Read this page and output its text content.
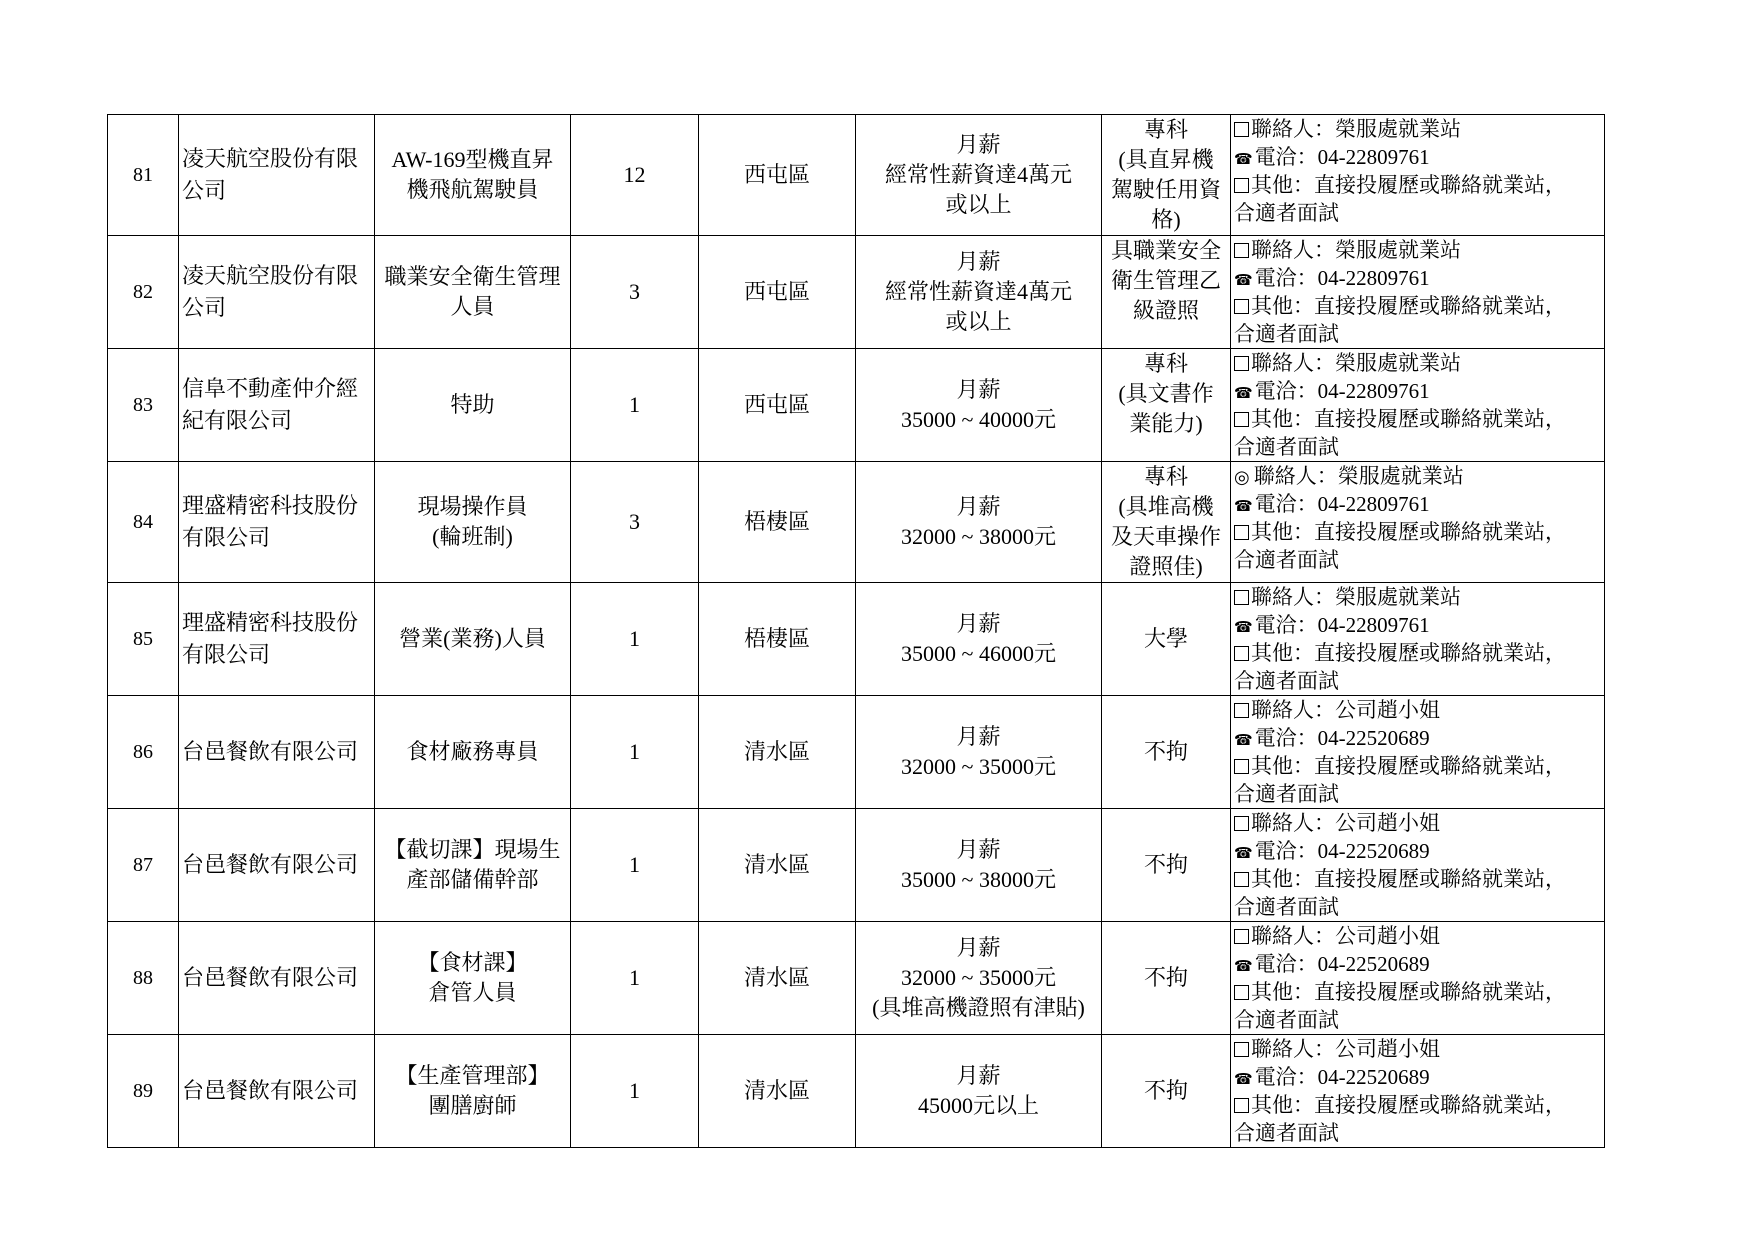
81	凌天航空股份有限公司	AW-169型機直昇
機飛航駕駛員	12	西屯區	月薪
經常性薪資達4萬元
或以上	專科
(具直昇機
駕駛任用資
格)	聯絡人：榮服處就業站
☎電洽：04-22809761
其他：直接投履歷或聯絡就業站，
合適者面試

82	凌天航空股份有限公司	職業安全衛生管理
人員	3	西屯區	月薪
經常性薪資達4萬元
或以上	具職業安全
衛生管理乙
級證照	聯絡人：榮服處就業站
☎電洽：04-22809761
其他：直接投履歷或聯絡就業站，
合適者面試

83	信阜不動產仲介經紀有限公司	特助	1	西屯區	月薪
35000 ~ 40000元	專科
(具文書作
業能力)	聯絡人：榮服處就業站
☎電洽：04-22809761
其他：直接投履歷或聯絡就業站，
合適者面試

84	理盛精密科技股份有限公司	現場操作員
(輪班制)	3	梧棲區	月薪
32000 ~ 38000元	專科
(具堆高機
及天車操作
證照佳)	◎ 聯絡人：榮服處就業站
☎電洽：04-22809761
其他：直接投履歷或聯絡就業站，
合適者面試

85	理盛精密科技股份有限公司	營業(業務)人員	1	梧棲區	月薪
35000 ~ 46000元	大學	聯絡人：榮服處就業站
☎電洽：04-22809761
其他：直接投履歷或聯絡就業站，
合適者面試

86	台邑餐飲有限公司	食材廠務專員	1	清水區	月薪
32000 ~ 35000元	不拘	聯絡人：公司趙小姐
☎電洽：04-22520689
其他：直接投履歷或聯絡就業站，
合適者面試

87	台邑餐飲有限公司	【截切課】現場生
產部儲備幹部	1	清水區	月薪
35000 ~ 38000元	不拘	聯絡人：公司趙小姐
☎電洽：04-22520689
其他：直接投履歷或聯絡就業站，
合適者面試

88	台邑餐飲有限公司	【食材課】
倉管人員	1	清水區	月薪
32000 ~ 35000元
(具堆高機證照有津貼)	不拘	聯絡人：公司趙小姐
☎電洽：04-22520689
其他：直接投履歷或聯絡就業站，
合適者面試

89	台邑餐飲有限公司	【生產管理部】
團膳廚師	1	清水區	月薪
45000元以上	不拘	聯絡人：公司趙小姐
☎電洽：04-22520689
其他：直接投履歷或聯絡就業站，
合適者面試
